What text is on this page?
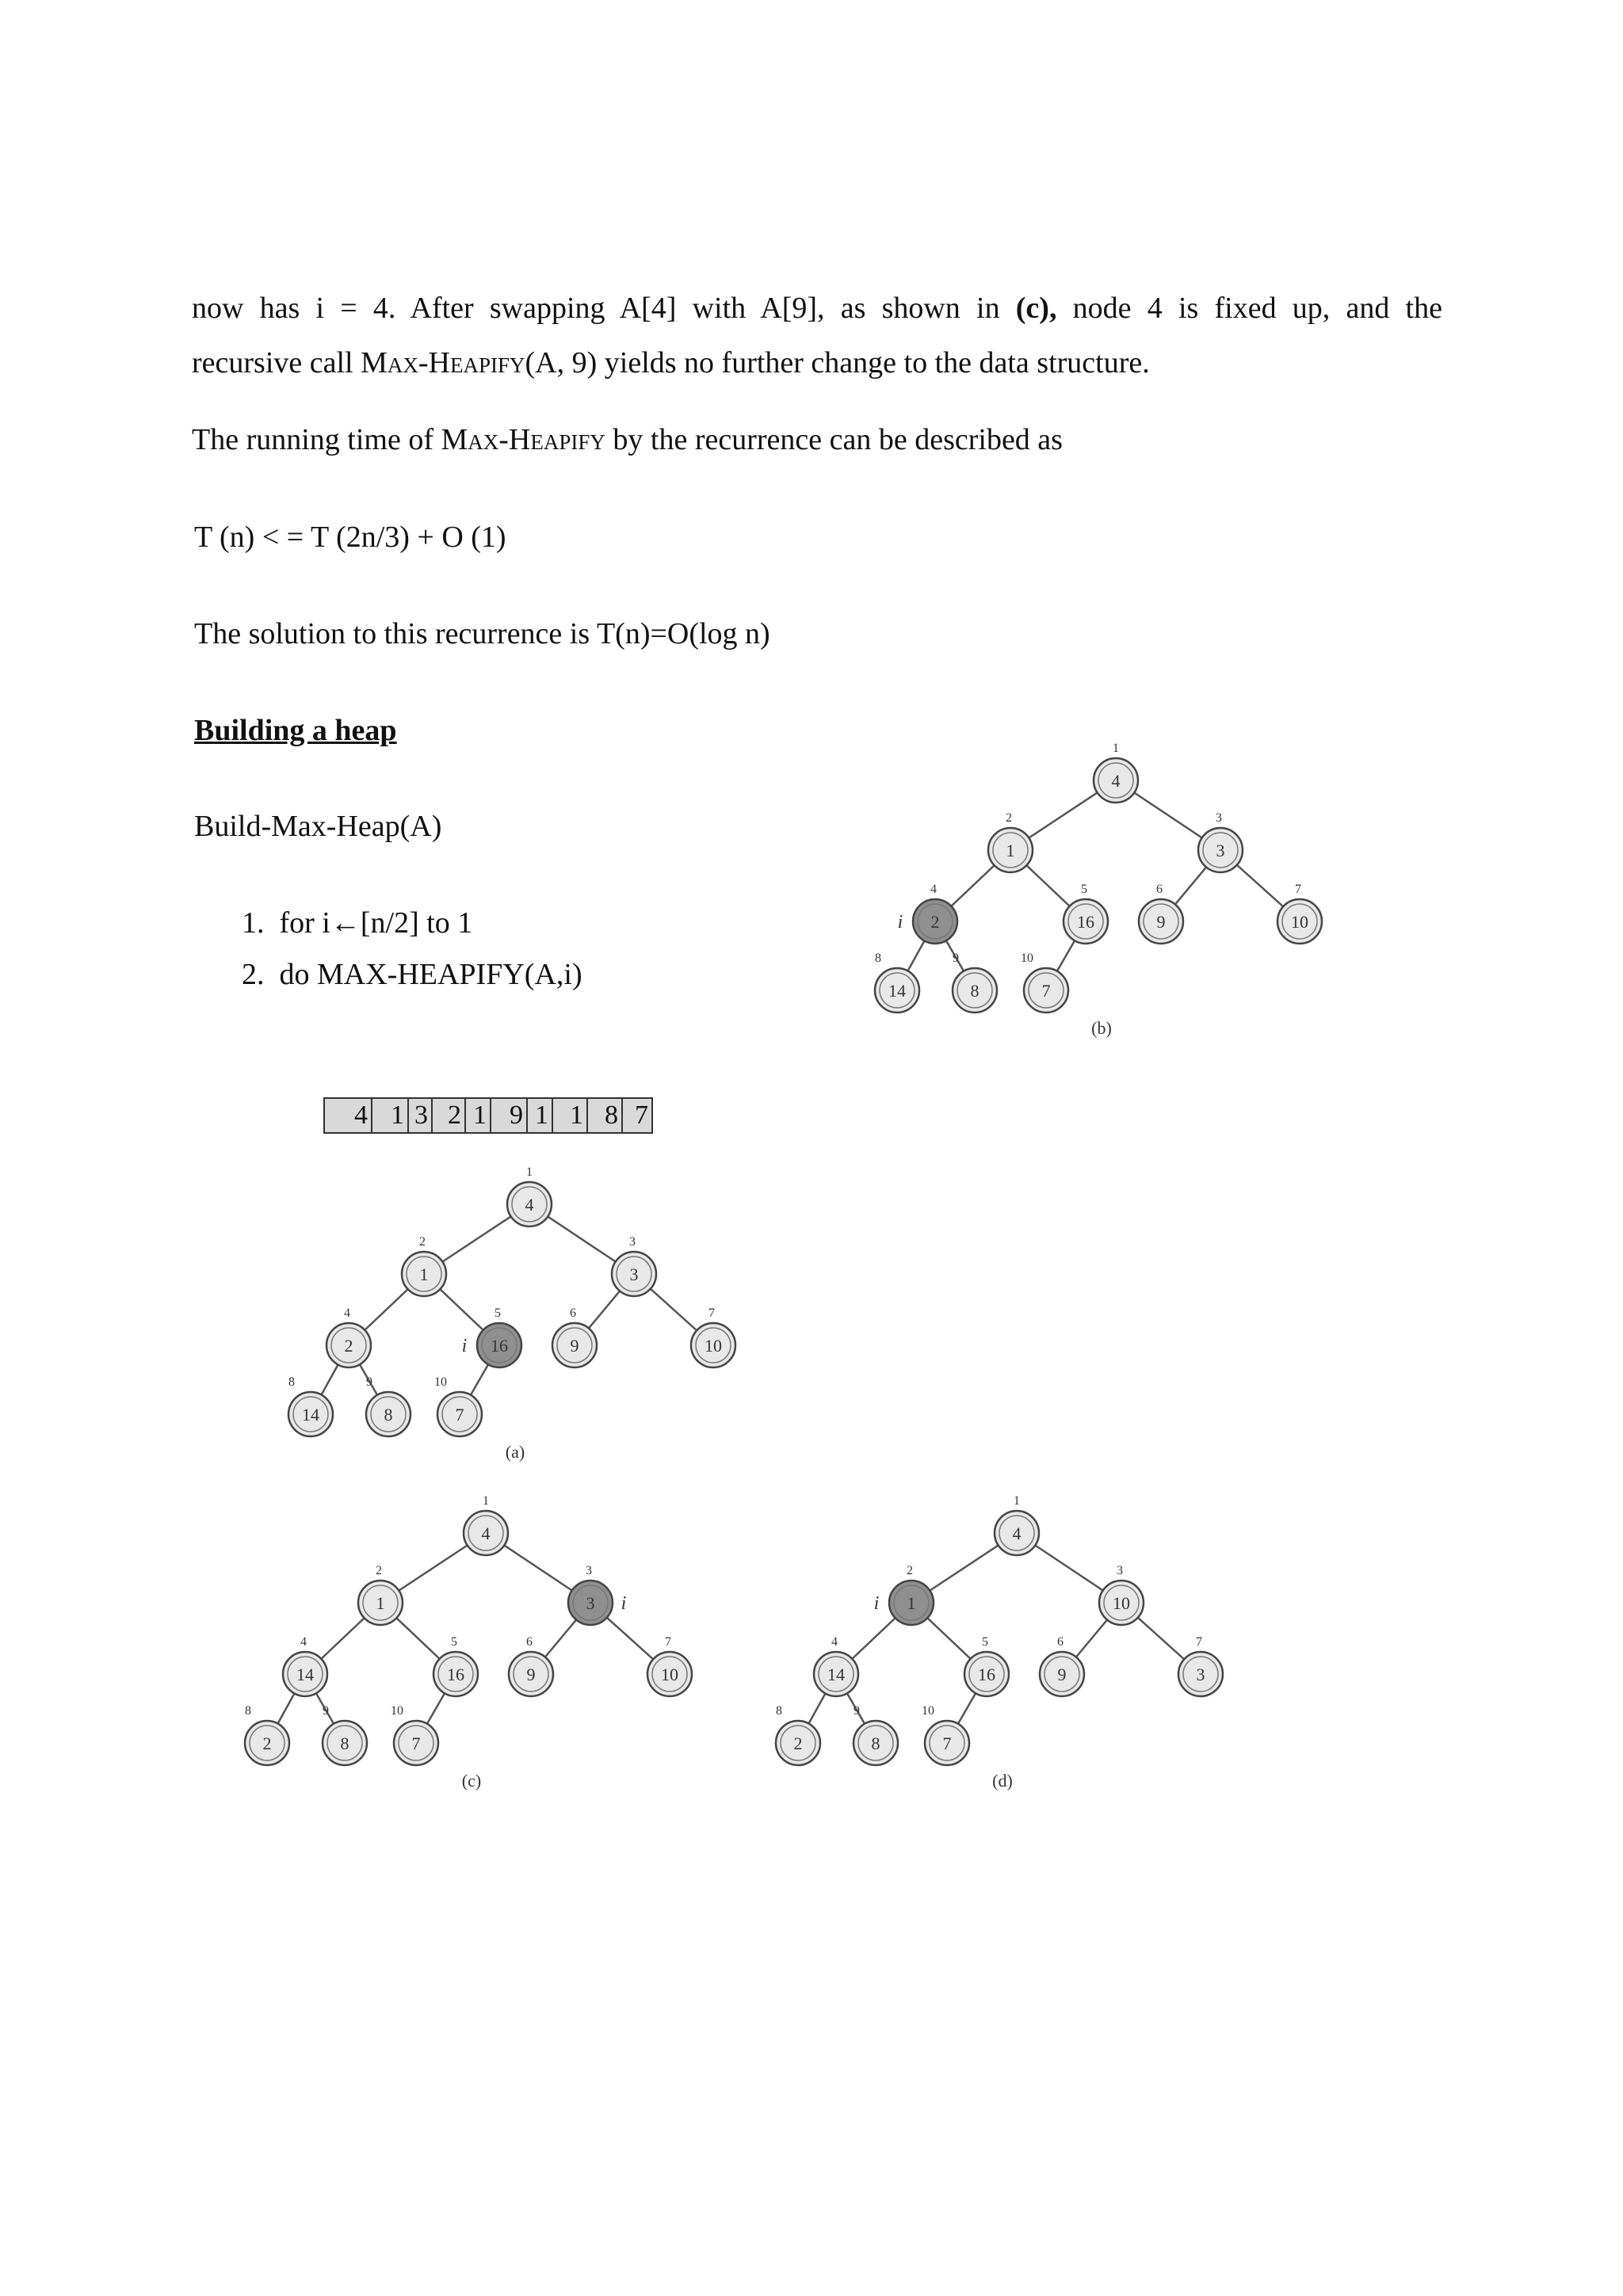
now has i = 4. After swapping A[4] with A[9], as shown in (c), node 4 is fixed up, and the
recursive call Max-Heapify(A, 9) yields no further change to the data structure.
The running time of Max-Heapify by the recurrence can be described as
T (n) < = T (2n/3) + O (1)
The solution to this recurrence is T(n)=O(log n)
Building a heap
Build-Max-Heap(A)
1. for i←[n/2] to 1
2. do MAX-HEAPIFY(A,i)
4 1 3 2 1 9 1 1 8 7
4
1
1
2
3
3
2
4
16
5
9
6
10
7
14
8
8
9
7
10
i
(a)
4
1
1
2
3
3
2
4
16
5
9
6
10
7
14
8
8
9
7
10
i
(b)
4
1
1
2
3
3
14
4
16
5
9
6
10
7
2
8
8
9
7
10
i
(c)
4
1
1
2
10
3
14
4
16
5
9
6
3
7
2
8
8
9
7
10
i
(d)
